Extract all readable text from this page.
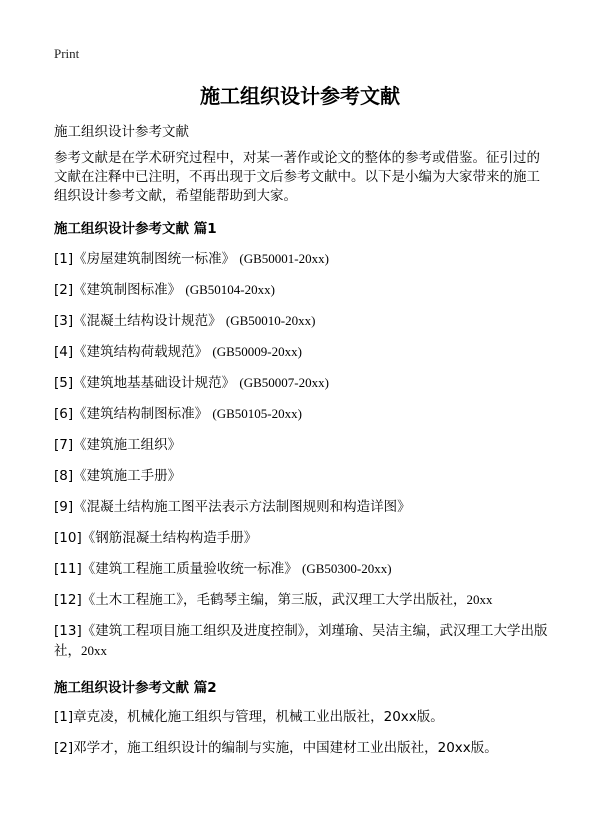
Print
施工组织设计参考文献
施工组织设计参考文献
参考文献是在学术研究过程中，对某一著作或论文的整体的参考或借鉴。征引过的文献在注释中已注明，不再出现于文后参考文献中。以下是小编为大家带来的施工组织设计参考文献，希望能帮助到大家。
施工组织设计参考文献 篇1
[1]《房屋建筑制图统一标准》 (GB50001-20xx)
[2]《建筑制图标准》 (GB50104-20xx)
[3]《混凝土结构设计规范》 (GB50010-20xx)
[4]《建筑结构荷载规范》 (GB50009-20xx)
[5]《建筑地基基础设计规范》 (GB50007-20xx)
[6]《建筑结构制图标准》 (GB50105-20xx)
[7]《建筑施工组织》
[8]《建筑施工手册》
[9]《混凝土结构施工图平法表示方法制图规则和构造详图》
[10]《钢筋混凝土结构构造手册》
[11]《建筑工程施工质量验收统一标准》 (GB50300-20xx)
[12]《土木工程施工》，毛鹤琴主编，第三版，武汉理工大学出版社，20xx
[13]《建筑工程项目施工组织及进度控制》，刘瑾瑜、吴洁主编，武汉理工大学出版社，20xx
施工组织设计参考文献 篇2
[1]章克凌，机械化施工组织与管理，机械工业出版社，20xx版。
[2]邓学才，施工组织设计的编制与实施，中国建材工业出版社，20xx版。
